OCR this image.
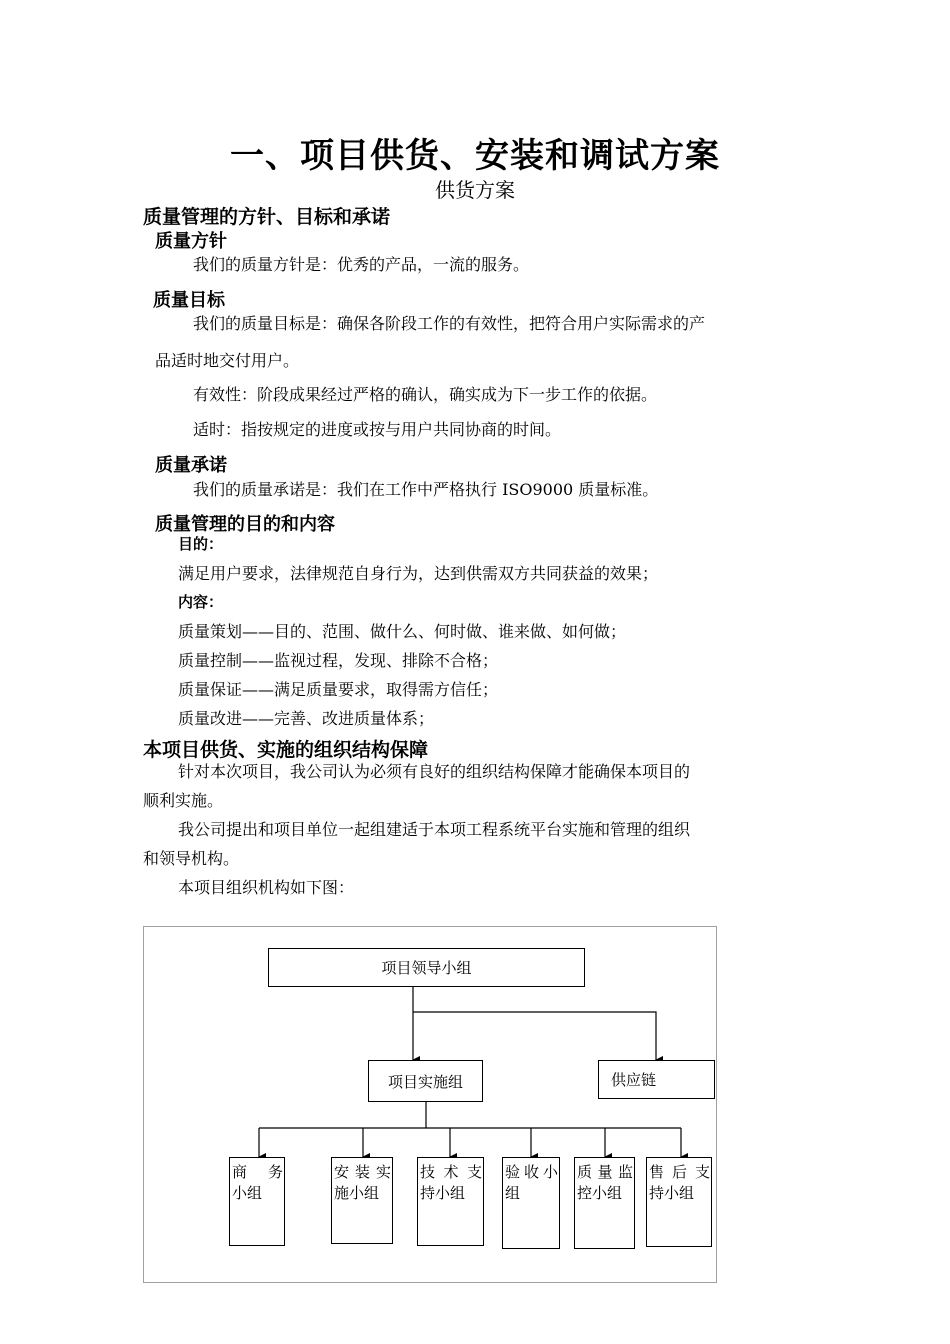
一、项目供货、安装和调试方案
供货方案
质量管理的方针、目标和承诺
质量方针
我们的质量方针是：优秀的产品，一流的服务。
质量目标
我们的质量目标是：确保各阶段工作的有效性，把符合用户实际需求的产
品适时地交付用户。
有效性：阶段成果经过严格的确认，确实成为下一步工作的依据。
适时：指按规定的进度或按与用户共同协商的时间。
质量承诺
我们的质量承诺是：我们在工作中严格执行 ISO9000 质量标准。
质量管理的目的和内容
目的：
满足用户要求，法律规范自身行为，达到供需双方共同获益的效果；
内容：
质量策划——目的、范围、做什么、何时做、谁来做、如何做；
质量控制——监视过程，发现、排除不合格；
质量保证——满足质量要求，取得需方信任；
质量改进——完善、改进质量体系；
本项目供货、实施的组织结构保障
针对本次项目，我公司认为必须有良好的组织结构保障才能确保本项目的
顺利实施。
我公司提出和项目单位一起组建适于本项工程系统平台实施和管理的组织
和领导机构。
本项目组织机构如下图：
项目领导小组
项目实施组	供应链
商务
小组
安装实
施小组
技术支
持小组
验收小
组
质量监
控小组
售后支
持小组
